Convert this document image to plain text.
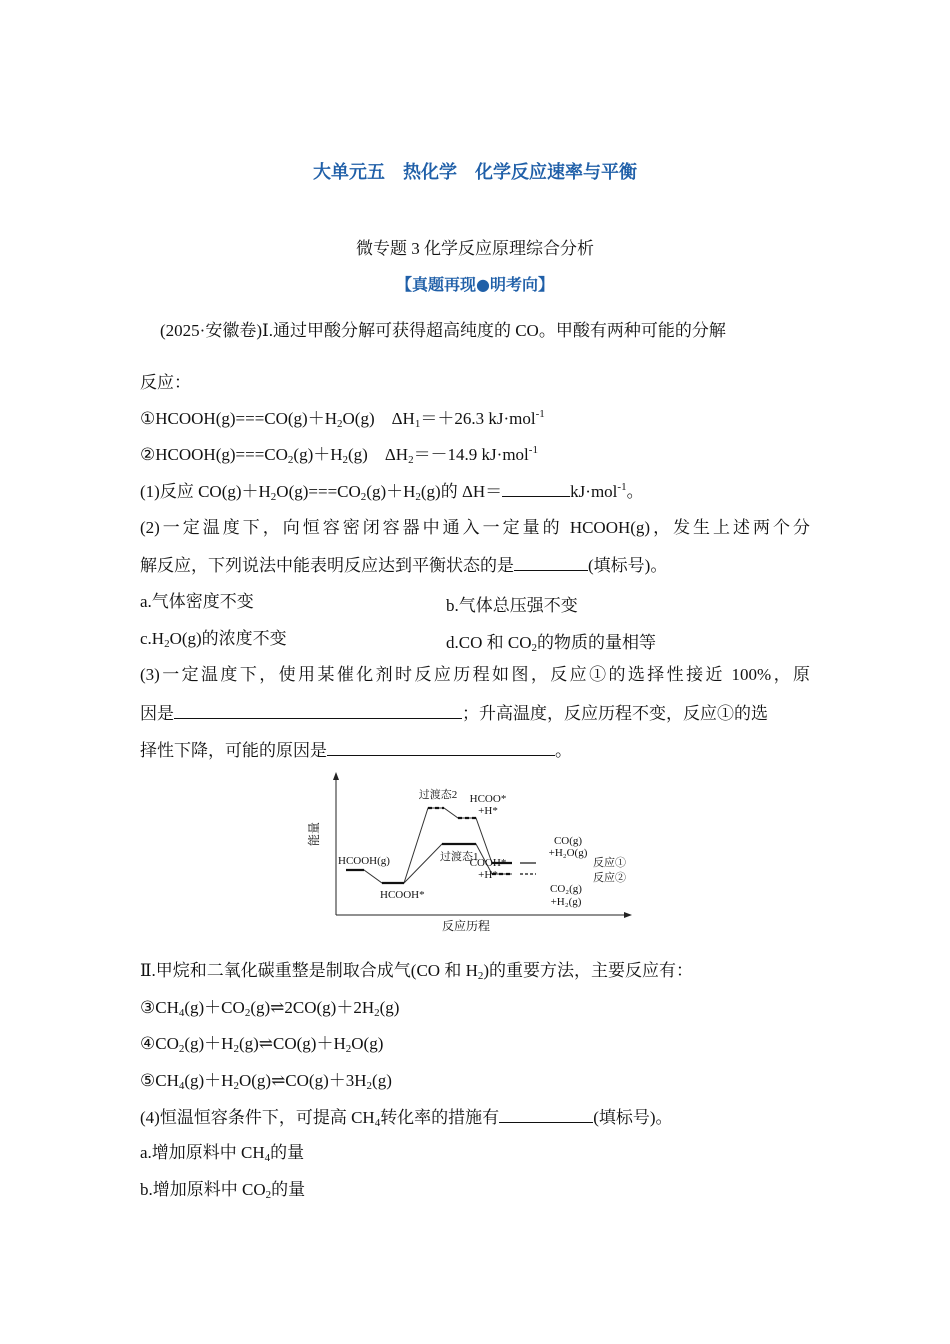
大单元五　热化学　化学反应速率与平衡
微专题 3 化学反应原理综合分析
【真题再现●明考向】
(2025·安徽卷)Ⅰ.通过甲酸分解可获得超高纯度的 CO。甲酸有两种可能的分解
反应：
$①HCOOH(g)===CO(g)+H_2O(g)$ $\Delta H_1=+26.3$ kJ·mol$^{-1}$
$②HCOOH(g)===CO_2(g)+H_2(g)$ $\Delta H_2=-14.9$ kJ·mol$^{-1}$
(1)反应 $CO(g)+H_2O(g)===CO_2(g)+H_2(g)$的 ΔH＝	kJ·mol$^{-1}$。
(2)一定温度下，向恒容密闭容器中通入一定量的 HCOOH(g)，发生上述两个分
解反应，下列说法中能表明反应达到平衡状态的是	(填标号)。
a.气体密度不变	b.气体总压强不变
$c.H_2O(g)$的浓度不变	d.CO 和 $CO_2$的物质的量相等
(3)一定温度下，使用某催化剂时反应历程如图，反应①的选择性接近 100%，原
因是	；升高温度，反应历程不变，反应①的选
择性下降，可能的原因是	。
能量
反应历程
HCOOH(g)
HCOOH*
过渡态2 HCOO*
+H*
过渡态1
COOH*
+H*
CO(g)
+H₂O(g)
CO₂(g)
+H₂(g)
反应①
反应②
Ⅱ.甲烷和二氧化碳重整是制取合成气(CO 和 $H_2$)的重要方法，主要反应有：
$③CH_4(g)+CO_2(g)\rightleftharpoons 2CO(g)+2H_2(g)$
$④CO_2(g)+H_2(g)\rightleftharpoons CO(g)+H_2O(g)$
$⑤CH_4(g)+H_2O(g)\rightleftharpoons CO(g)+3H_2(g)$
(4)恒温恒容条件下，可提高 $CH_4$转化率的措施有	(填标号)。
a.增加原料中 $CH_4$的量
b.增加原料中 $CO_2$的量
